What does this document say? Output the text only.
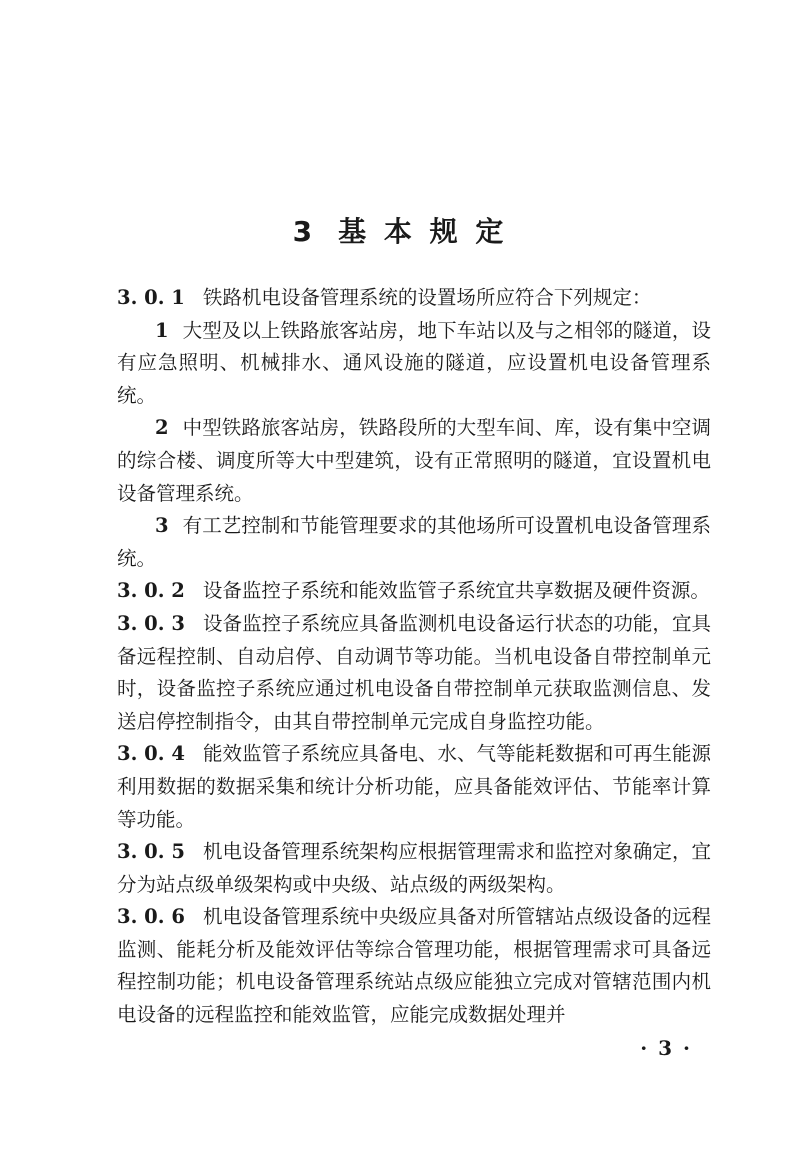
3 基 本 规 定

3. 0. 1 铁路机电设备管理系统的设置场所应符合下列规定：

1 大型及以上铁路旅客站房，地下车站以及与之相邻的隧道，设有应急照明、机械排水、通风设施的隧道，应设置机电设备管理系统。

2 中型铁路旅客站房，铁路段所的大型车间、库，设有集中空调的综合楼、调度所等大中型建筑，设有正常照明的隧道，宜设置机电设备管理系统。

3 有工艺控制和节能管理要求的其他场所可设置机电设备管理系统。

3. 0. 2 设备监控子系统和能效监管子系统宜共享数据及硬件资源。

3. 0. 3 设备监控子系统应具备监测机电设备运行状态的功能，宜具备远程控制、自动启停、自动调节等功能。当机电设备自带控制单元时，设备监控子系统应通过机电设备自带控制单元获取监测信息、发送启停控制指令，由其自带控制单元完成自身监控功能。

3. 0. 4 能效监管子系统应具备电、水、气等能耗数据和可再生能源利用数据的数据采集和统计分析功能，应具备能效评估、节能率计算等功能。

3. 0. 5 机电设备管理系统架构应根据管理需求和监控对象确定，宜分为站点级单级架构或中央级、站点级的两级架构。

3. 0. 6 机电设备管理系统中央级应具备对所管辖站点级设备的远程监测、能耗分析及能效评估等综合管理功能，根据管理需求可具备远程控制功能；机电设备管理系统站点级应能独立完成对管辖范围内机电设备的远程监控和能效监管，应能完成数据处理并

· 3 ·
